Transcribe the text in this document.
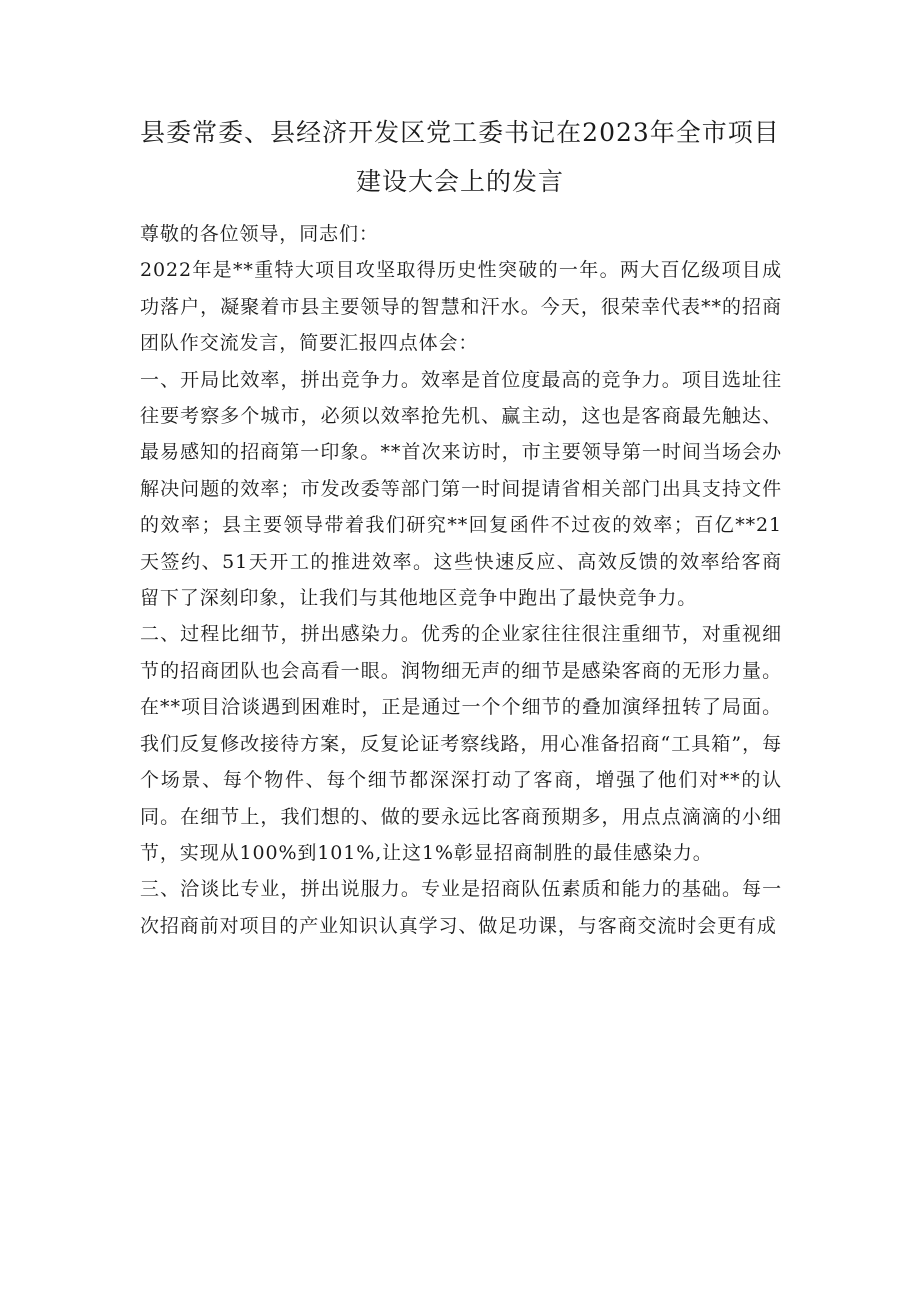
县委常委、县经济开发区党工委书记在2023年全市项目建设大会上的发言

尊敬的各位领导，同志们：

2022年是**重特大项目攻坚取得历史性突破的一年。两大百亿级项目成功落户，凝聚着市县主要领导的智慧和汗水。今天，很荣幸代表**的招商团队作交流发言，简要汇报四点体会：

一、开局比效率，拼出竞争力。效率是首位度最高的竞争力。项目选址往往要考察多个城市，必须以效率抢先机、赢主动，这也是客商最先触达、最易感知的招商第一印象。**首次来访时，市主要领导第一时间当场会办解决问题的效率；市发改委等部门第一时间提请省相关部门出具支持文件的效率；县主要领导带着我们研究**回复函件不过夜的效率；百亿**21天签约、51天开工的推进效率。这些快速反应、高效反馈的效率给客商留下了深刻印象，让我们与其他地区竞争中跑出了最快竞争力。

二、过程比细节，拼出感染力。优秀的企业家往往很注重细节，对重视细节的招商团队也会高看一眼。润物细无声的细节是感染客商的无形力量。在**项目洽谈遇到困难时，正是通过一个个细节的叠加演绎扭转了局面。我们反复修改接待方案，反复论证考察线路，用心准备招商“工具箱”，每个场景、每个物件、每个细节都深深打动了客商，增强了他们对**的认同。在细节上，我们想的、做的要永远比客商预期多，用点点滴滴的小细节，实现从100%到101%,让这1%彰显招商制胜的最佳感染力。

三、洽谈比专业，拼出说服力。专业是招商队伍素质和能力的基础。每一次招商前对项目的产业知识认真学习、做足功课，与客商交流时会更有成
